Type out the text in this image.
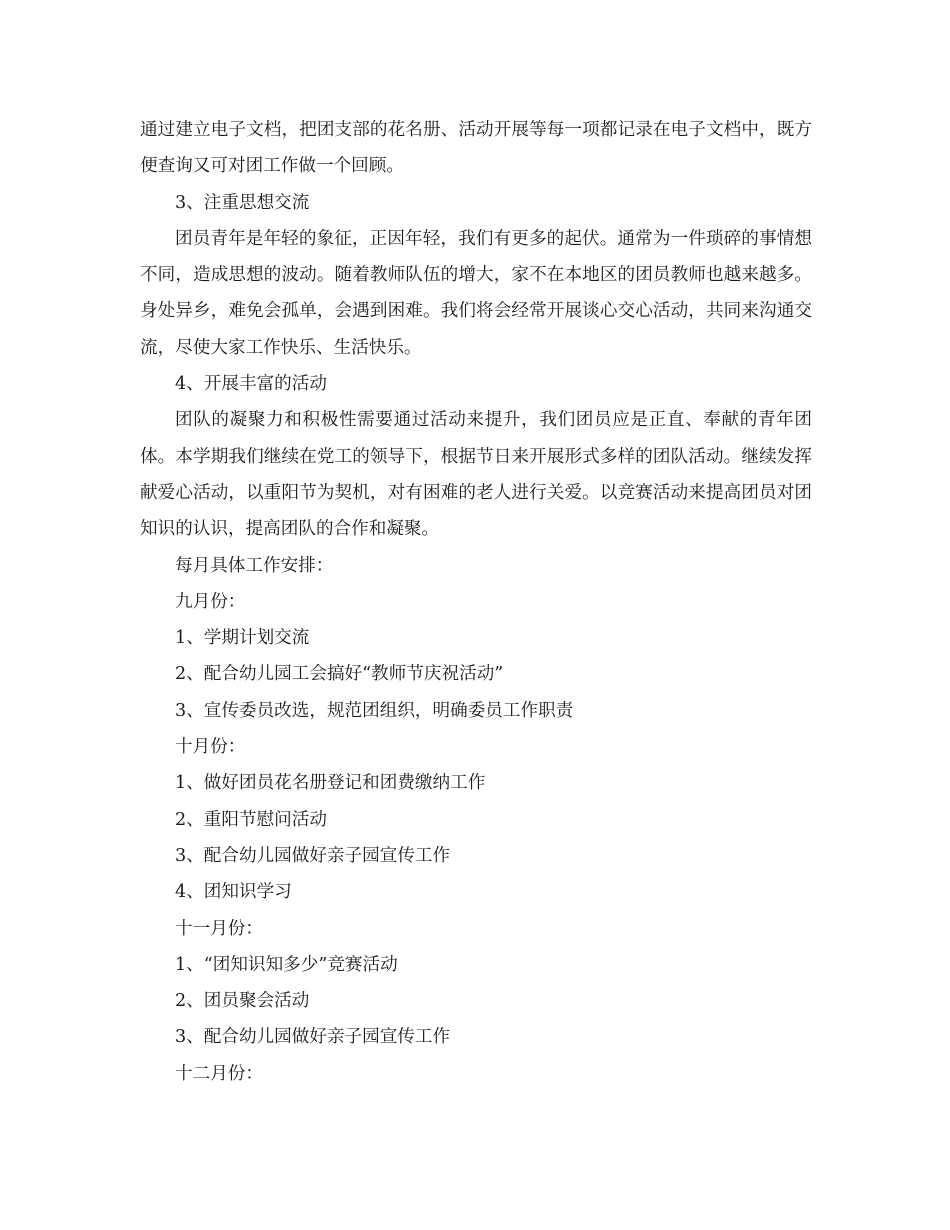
通过建立电子文档，把团支部的花名册、活动开展等每一项都记录在电子文档中，既方便查询又可对团工作做一个回顾。

3、注重思想交流

团员青年是年轻的象征，正因年轻，我们有更多的起伏。通常为一件琐碎的事情想不同，造成思想的波动。随着教师队伍的增大，家不在本地区的团员教师也越来越多。身处异乡，难免会孤单，会遇到困难。我们将会经常开展谈心交心活动，共同来沟通交流，尽使大家工作快乐、生活快乐。

4、开展丰富的活动

团队的凝聚力和积极性需要通过活动来提升，我们团员应是正直、奉献的青年团体。本学期我们继续在党工的领导下，根据节日来开展形式多样的团队活动。继续发挥献爱心活动，以重阳节为契机，对有困难的老人进行关爱。以竞赛活动来提高团员对团知识的认识，提高团队的合作和凝聚。

每月具体工作安排：

九月份：

1、学期计划交流

2、配合幼儿园工会搞好“教师节庆祝活动”

3、宣传委员改选，规范团组织，明确委员工作职责

十月份：

1、做好团员花名册登记和团费缴纳工作

2、重阳节慰问活动

3、配合幼儿园做好亲子园宣传工作

4、团知识学习

十一月份：

1、“团知识知多少”竞赛活动

2、团员聚会活动

3、配合幼儿园做好亲子园宣传工作

十二月份：
